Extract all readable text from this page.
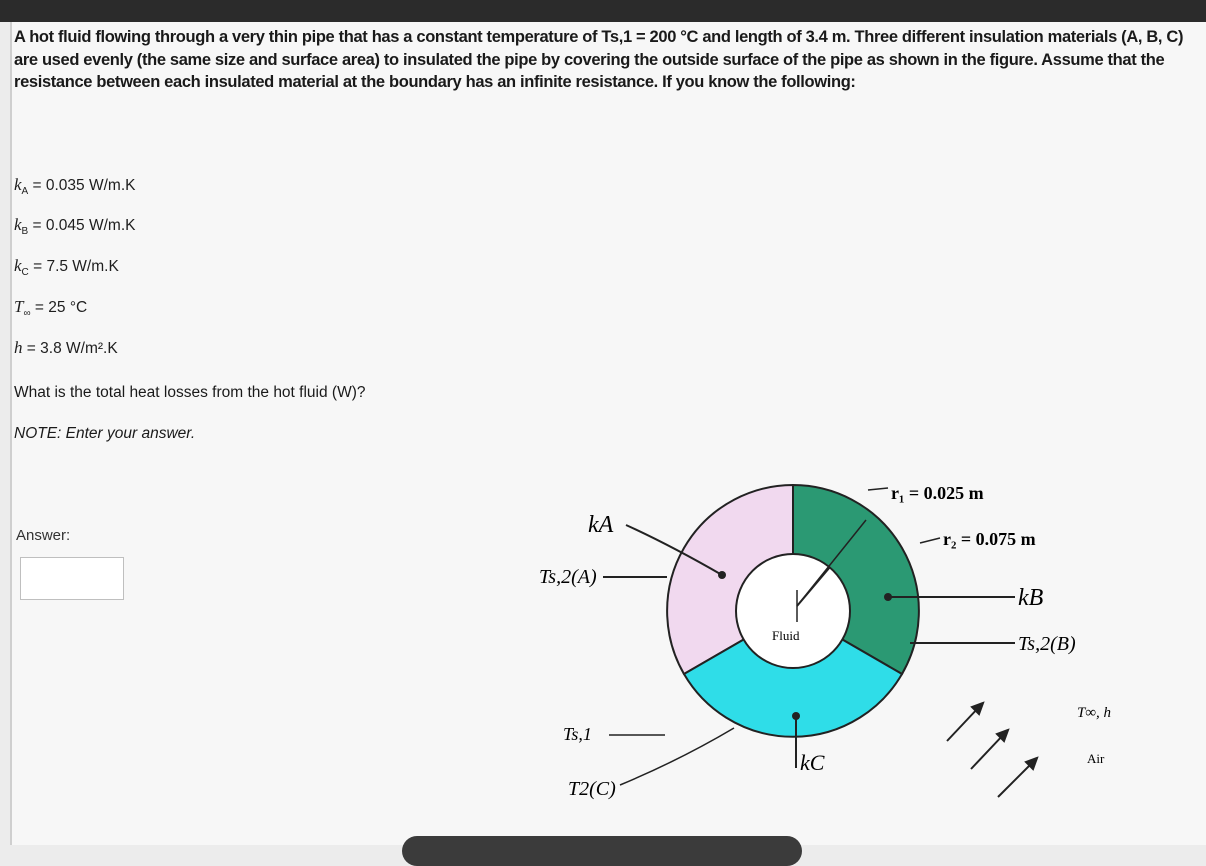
A hot fluid flowing through a very thin pipe that has a constant temperature of Ts,1 = 200 °C and length of 3.4 m. Three different insulation materials (A, B, C) are used evenly (the same size and surface area) to insulated the pipe by covering the outside surface of the pipe as shown in the figure. Assume that the resistance between each insulated material at the boundary has an infinite resistance. If you know the following:
$k_A = 0.035$ W/m.K
$k_B = 0.045$ W/m.K
$k_C = 7.5$ W/m.K
$T_\infty = 25$ °C
h = 3.8 W/m².K
What is the total heat losses from the hot fluid (W)?
NOTE: Enter your answer.
Answer:
Fluid
r₁ = 0.025 m
r₂ = 0.075 m
kA
Ts,2(A)
kB
Ts,2(B)
kC
Ts,1
T2(C)
T∞, h
Air
